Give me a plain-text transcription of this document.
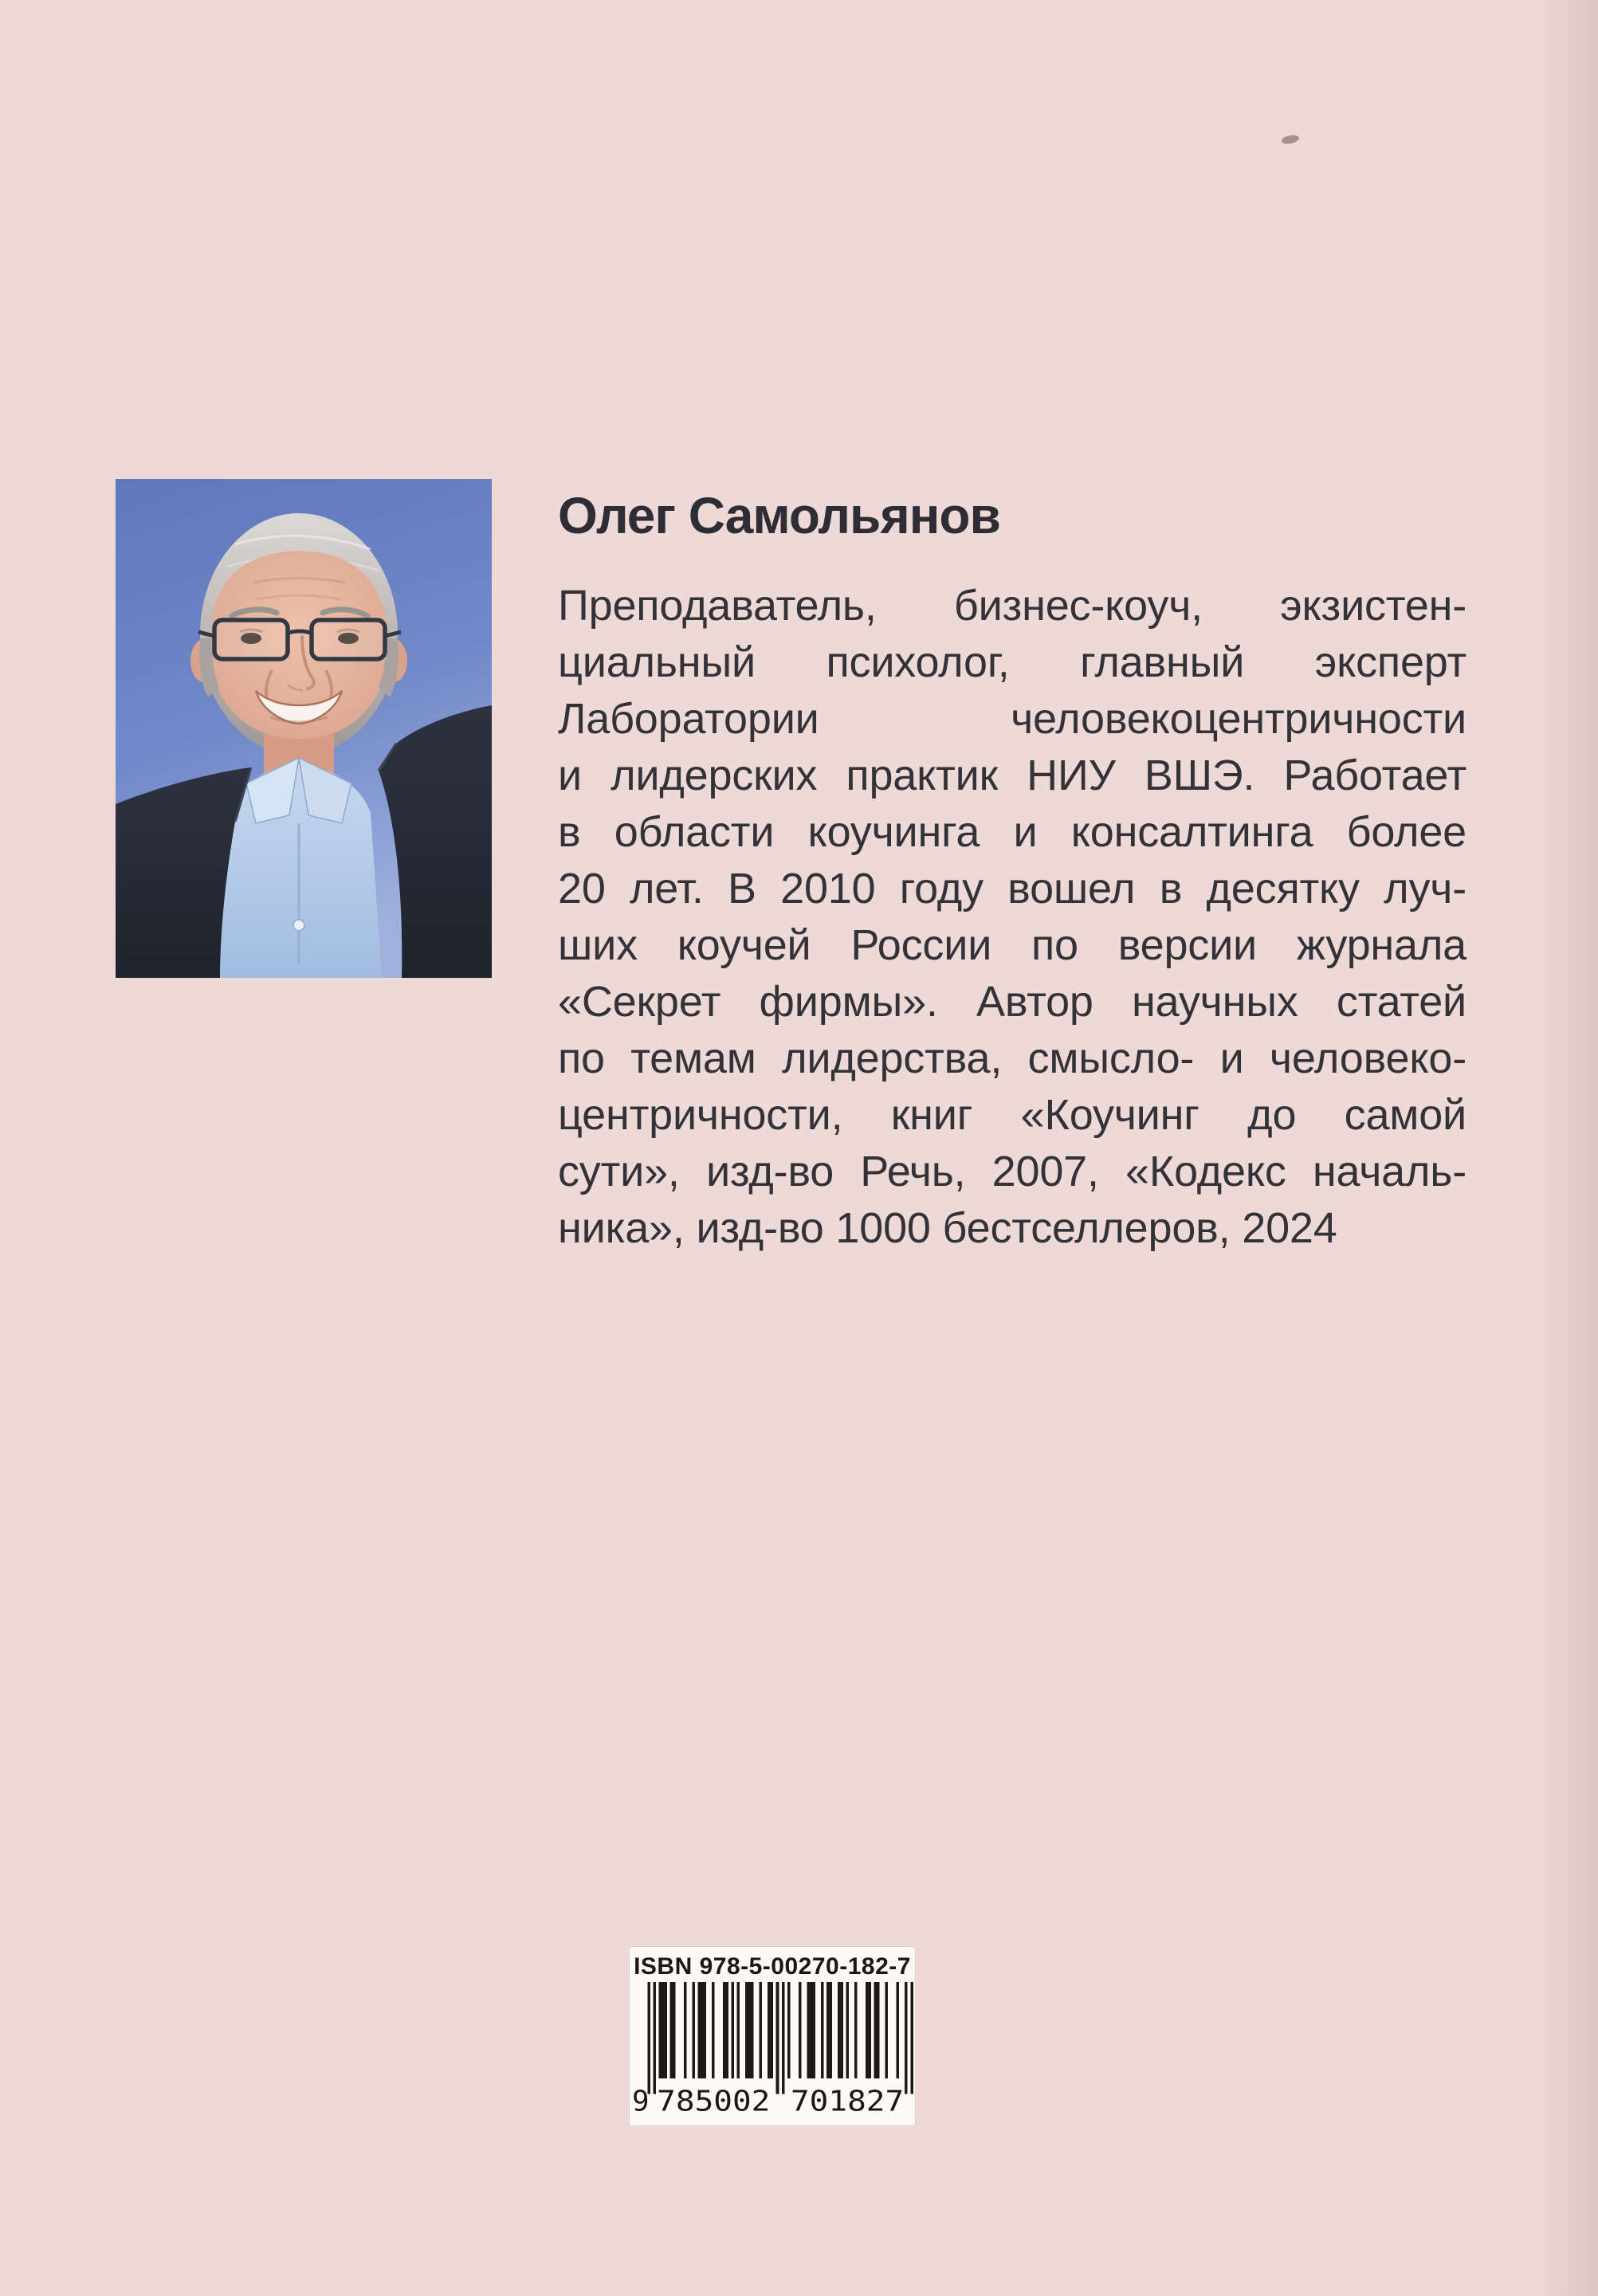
Олег Самольянов
Преподаватель, бизнес-коуч, экзистен-
циальный психолог, главный эксперт
Лаборатории человекоцентричности
и лидерских практик НИУ ВШЭ. Работает
в области коучинга и консалтинга более
20 лет. В 2010 году вошел в десятку луч-
ших коучей России по версии журнала
«Секрет фирмы». Автор научных статей
по темам лидерства, смысло- и человеко-
центричности, книг «Коучинг до самой
сути», изд-во Речь, 2007, «Кодекс началь-
ника», изд-во 1000 бестселлеров, 2024
ISBN 978-5-00270-182-7
9 785002	701827
